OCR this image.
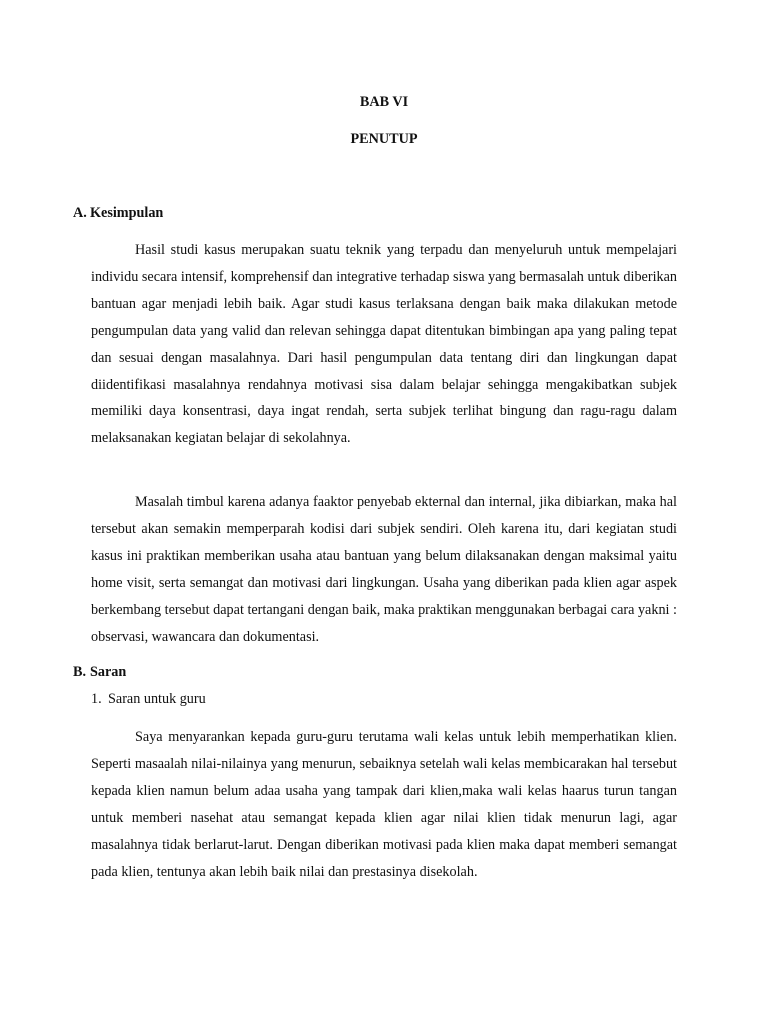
BAB VI
PENUTUP
A. Kesimpulan

Hasil studi kasus merupakan suatu teknik yang terpadu dan menyeluruh untuk mempelajari individu secara intensif, komprehensif dan integrative terhadap siswa yang bermasalah untuk diberikan bantuan agar menjadi lebih baik. Agar studi kasus terlaksana dengan baik maka dilakukan metode pengumpulan data yang valid dan relevan sehingga dapat ditentukan bimbingan apa yang paling tepat dan sesuai dengan masalahnya. Dari hasil pengumpulan data tentang diri dan lingkungan dapat diidentifikasi masalahnya rendahnya motivasi sisa dalam belajar sehingga mengakibatkan subjek memiliki daya konsentrasi, daya ingat rendah, serta subjek terlihat bingung dan ragu-ragu dalam melaksanakan kegiatan belajar di sekolahnya.

Masalah timbul karena adanya faaktor penyebab ekternal dan internal, jika dibiarkan, maka hal tersebut akan semakin memperparah kodisi dari subjek sendiri. Oleh karena itu, dari kegiatan studi kasus ini praktikan memberikan usaha atau bantuan yang belum dilaksanakan dengan maksimal yaitu home visit, serta semangat dan motivasi dari lingkungan. Usaha yang diberikan pada klien agar aspek berkembang tersebut dapat tertangani dengan baik, maka praktikan menggunakan berbagai cara yakni : observasi, wawancara dan dokumentasi.

B. Saran
1. Saran untuk guru

Saya menyarankan kepada guru-guru terutama wali kelas untuk lebih memperhatikan klien. Seperti masaalah nilai-nilainya yang menurun, sebaiknya setelah wali kelas membicarakan hal tersebut kepada klien namun belum adaa usaha yang tampak dari klien,maka wali kelas haarus turun tangan untuk memberi nasehat atau semangat kepada klien agar nilai klien tidak menurun lagi, agar masalahnya tidak berlarut-larut. Dengan diberikan motivasi pada klien maka dapat memberi semangat pada klien, tentunya akan lebih baik nilai dan prestasinya disekolah.
